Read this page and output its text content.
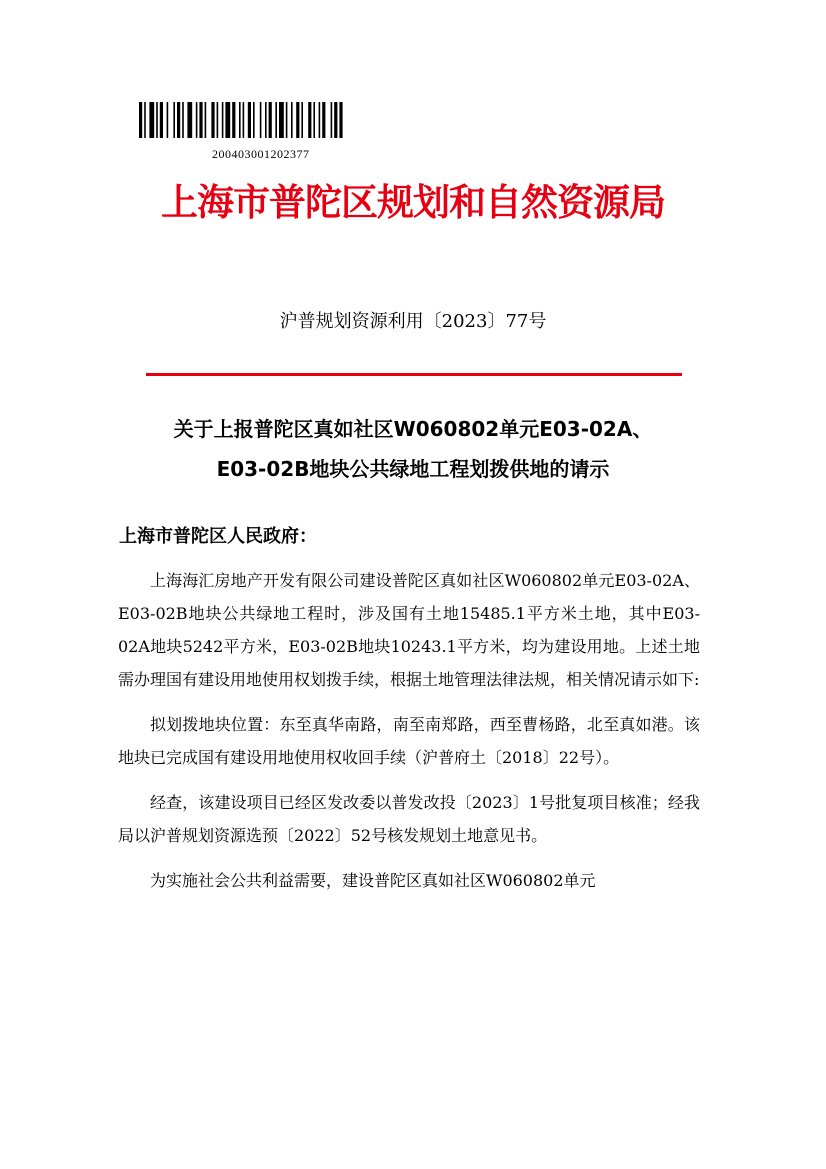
200403001202377
上海市普陀区规划和自然资源局
沪普规划资源利用〔2023〕77号
关于上报普陀区真如社区W060802单元E03-02A、
E03-02B地块公共绿地工程划拨供地的请示
上海市普陀区人民政府：

上海海汇房地产开发有限公司建设普陀区真如社区W060802单元E03-02A、E03-02B地块公共绿地工程时，涉及国有土地15485.1平方米土地，其中E03-02A地块5242平方米，E03-02B地块10243.1平方米，均为建设用地。上述土地需办理国有建设用地使用权划拨手续，根据土地管理法律法规，相关情况请示如下:

拟划拨地块位置：东至真华南路，南至南郑路，西至曹杨路，北至真如港。该地块已完成国有建设用地使用权收回手续（沪普府土〔2018〕22号）。

经查，该建设项目已经区发改委以普发改投〔2023〕1号批复项目核准；经我局以沪普规划资源选预〔2022〕52号核发规划土地意见书。

为实施社会公共利益需要，建设普陀区真如社区W060802单元
